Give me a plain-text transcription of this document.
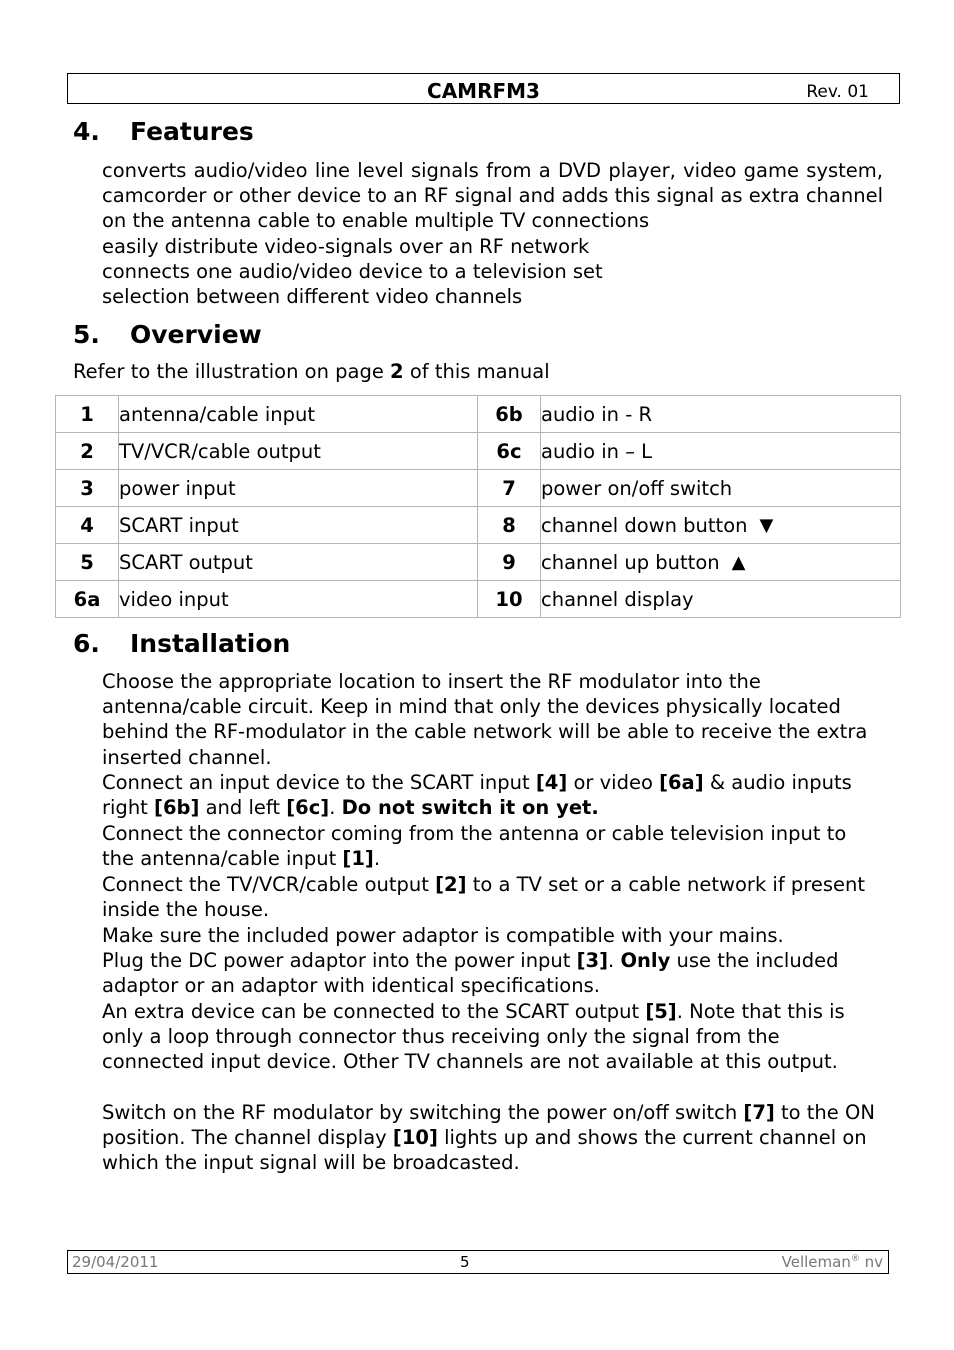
CAMRFM3	Rev. 01
4. Features

converts audio/video line level signals from a DVD player, video game system, camcorder or other device to an RF signal and adds this signal as extra channel on the antenna cable to enable multiple TV connections

easily distribute video-signals over an RF network

connects one audio/video device to a television set

selection between different video channels

5. Overview

Refer to the illustration on page 2 of this manual

1	antenna/cable input	6b	audio in - R
2	TV/VCR/cable output	6c	audio in – L
3	power input	7	power on/off switch
4	SCART input	8	channel down button ▼
5	SCART output	9	channel up button ▲
6a	video input	10	channel display
6. Installation

Choose the appropriate location to insert the RF modulator into the antenna/cable circuit. Keep in mind that only the devices physically located behind the RF-modulator in the cable network will be able to receive the extra inserted channel.

Connect an input device to the SCART input [4] or video [6a] & audio inputs right [6b] and left [6c]. Do not switch it on yet.

Connect the connector coming from the antenna or cable television input to the antenna/cable input [1].

Connect the TV/VCR/cable output [2] to a TV set or a cable network if present inside the house.

Make sure the included power adaptor is compatible with your mains.

Plug the DC power adaptor into the power input [3]. Only use the included adaptor or an adaptor with identical specifications.

An extra device can be connected to the SCART output [5]. Note that this is only a loop through connector thus receiving only the signal from the connected input device. Other TV channels are not available at this output.

Switch on the RF modulator by switching the power on/off switch [7] to the ON position. The channel display [10] lights up and shows the current channel on which the input signal will be broadcasted.

29/04/2011	5	Velleman® nv
